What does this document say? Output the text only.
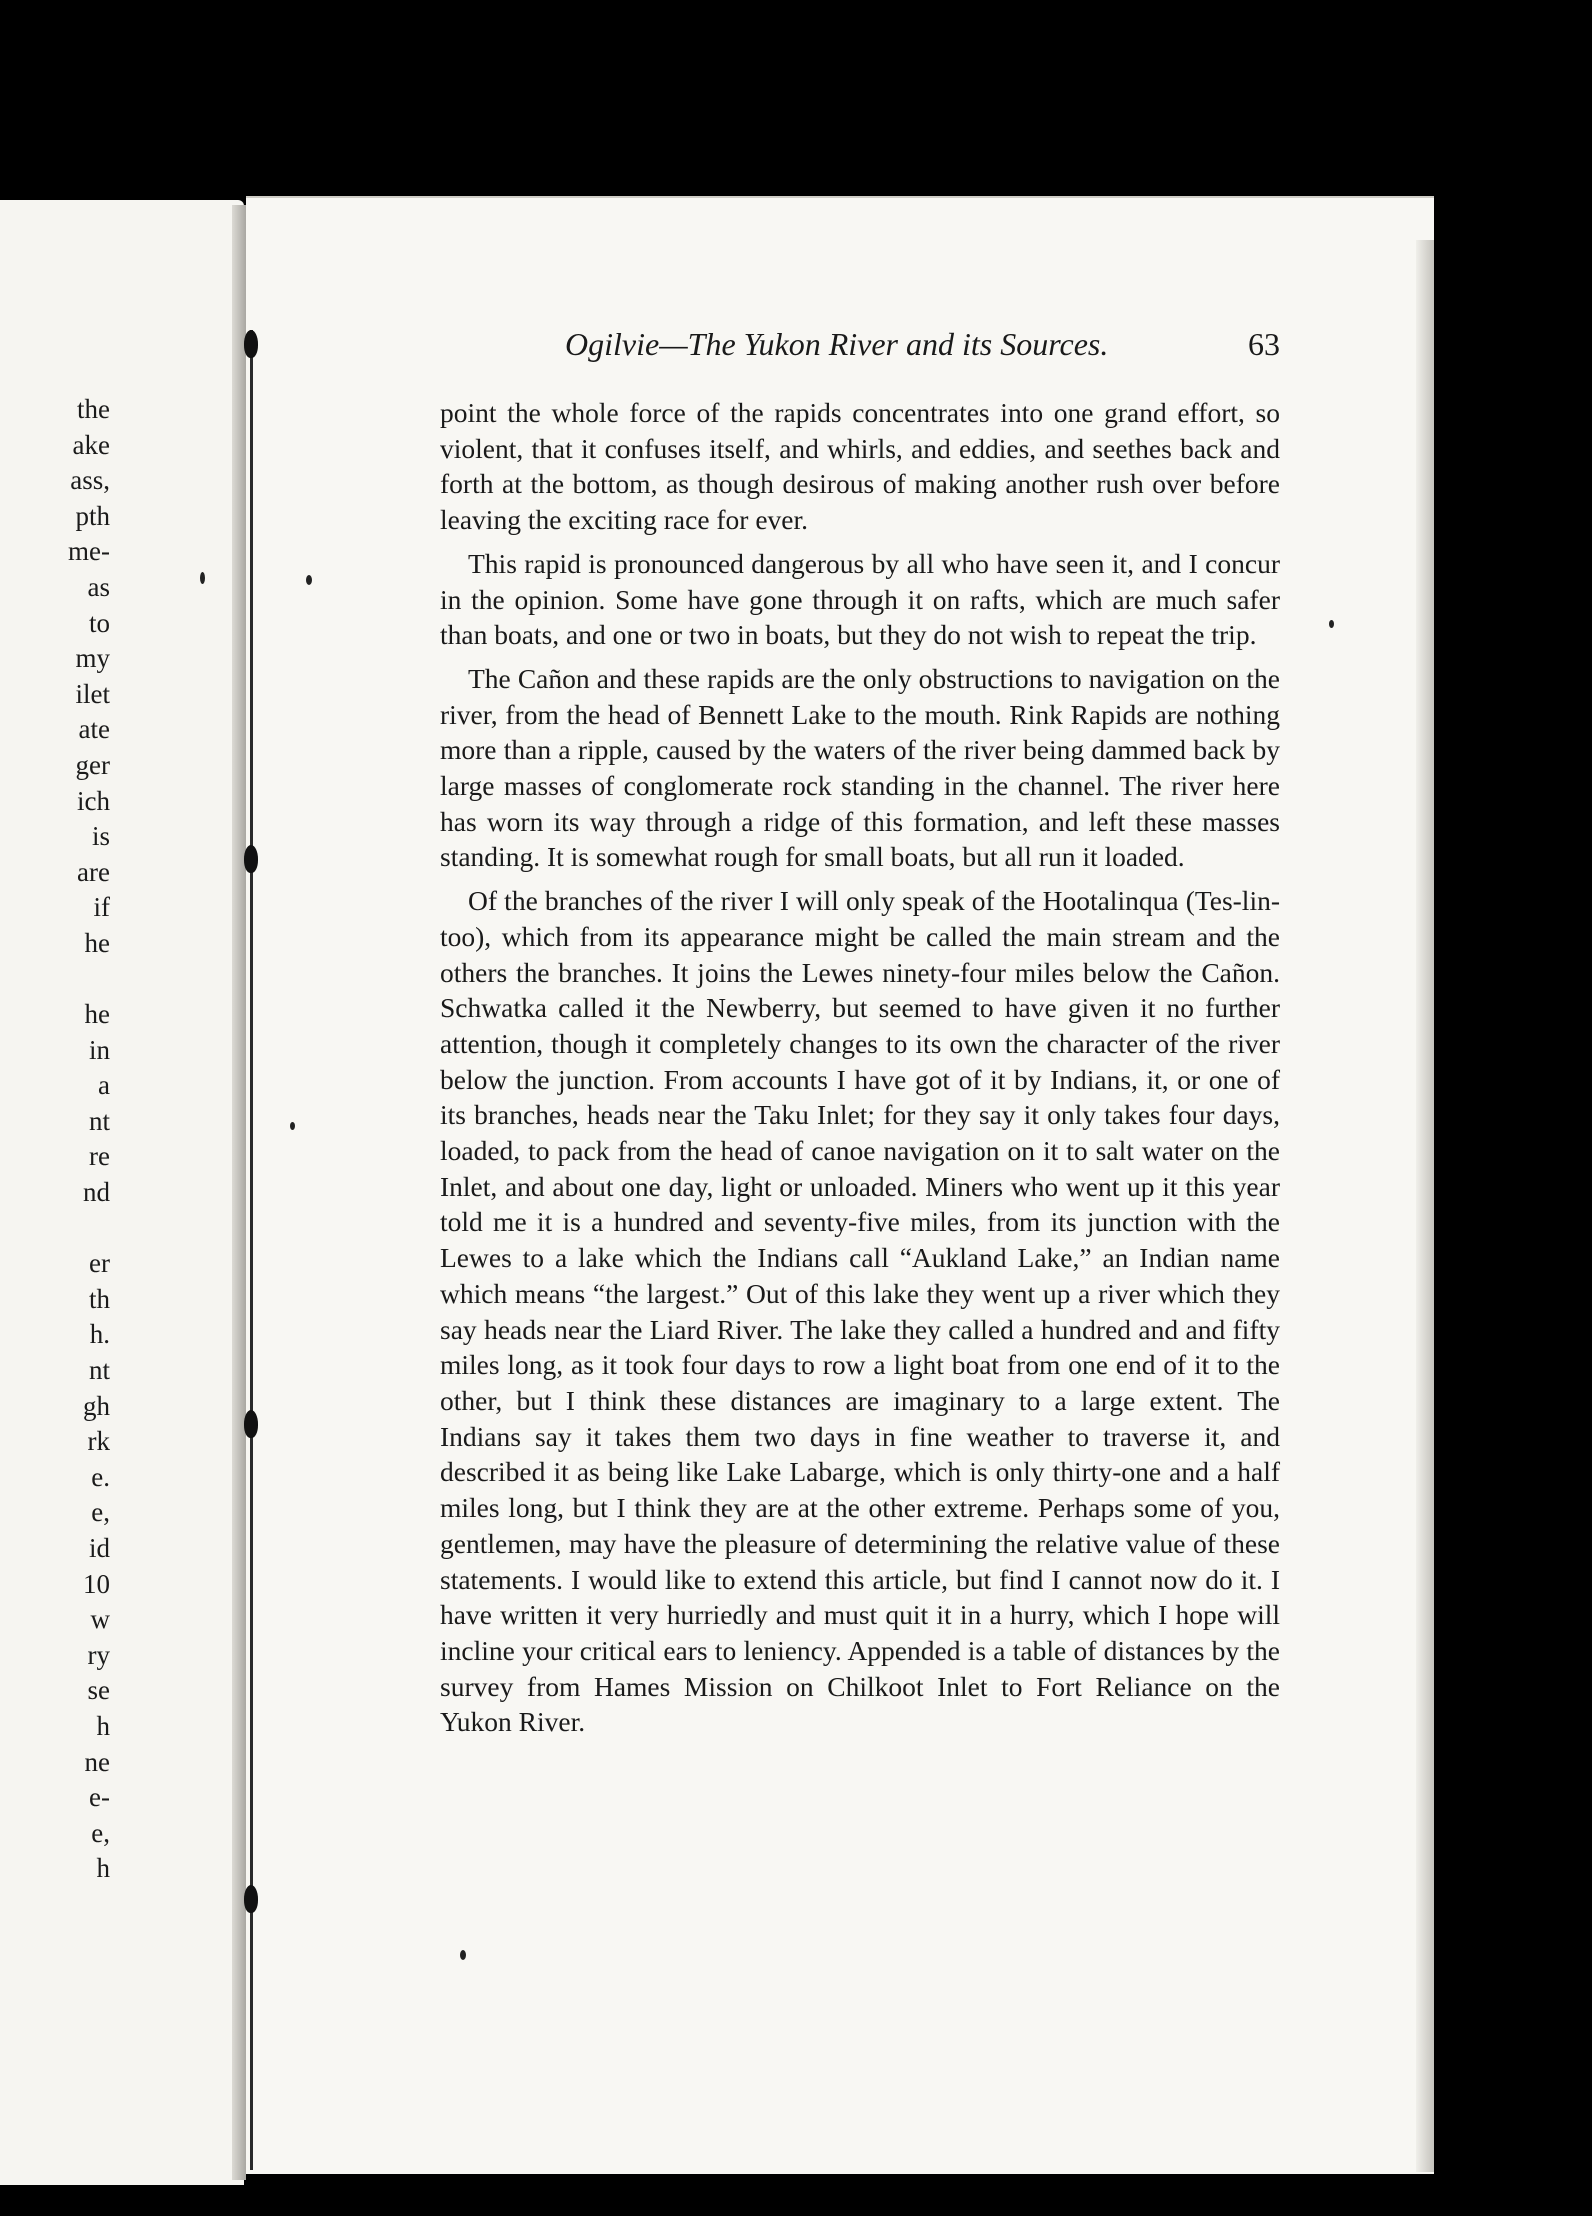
the
ake
ass,
pth
me-
as
to
my
ilet
ate
ger
ich
is
are
if
he
he
in
a
nt
re
nd
er
th
h.
nt
gh
rk
e.
e,
id
10
w
ry
se
h
ne
e-
e,
h
Ogilvie—The Yukon River and its Sources.	63

point the whole force of the rapids concentrates into one grand effort, so violent, that it confuses itself, and whirls, and eddies, and seethes back and forth at the bottom, as though desirous of making another rush over before leaving the exciting race for ever.

This rapid is pronounced dangerous by all who have seen it, and I concur in the opinion. Some have gone through it on rafts, which are much safer than boats, and one or two in boats, but they do not wish to repeat the trip.

The Cañon and these rapids are the only obstructions to navigation on the river, from the head of Bennett Lake to the mouth. Rink Rapids are nothing more than a ripple, caused by the waters of the river being dammed back by large masses of conglomerate rock standing in the channel. The river here has worn its way through a ridge of this formation, and left these masses standing. It is somewhat rough for small boats, but all run it loaded.

Of the branches of the river I will only speak of the Hootalinqua (Tes-lin-too), which from its appearance might be called the main stream and the others the branches. It joins the Lewes ninety-four miles below the Cañon. Schwatka called it the Newberry, but seemed to have given it no further attention, though it completely changes to its own the character of the river below the junction. From accounts I have got of it by Indians, it, or one of its branches, heads near the Taku Inlet; for they say it only takes four days, loaded, to pack from the head of canoe navigation on it to salt water on the Inlet, and about one day, light or unloaded. Miners who went up it this year told me it is a hundred and seventy-five miles, from its junction with the Lewes to a lake which the Indians call “Aukland Lake,” an Indian name which means “the largest.” Out of this lake they went up a river which they say heads near the Liard River. The lake they called a hundred and and fifty miles long, as it took four days to row a light boat from one end of it to the other, but I think these distances are imaginary to a large extent. The Indians say it takes them two days in fine weather to traverse it, and described it as being like Lake Labarge, which is only thirty-one and a half miles long, but I think they are at the other extreme. Perhaps some of you, gentlemen, may have the pleasure of determining the relative value of these statements. I would like to extend this article, but find I cannot now do it. I have written it very hurriedly and must quit it in a hurry, which I hope will incline your critical ears to leniency. Appended is a table of distances by the survey from Hames Mission on Chilkoot Inlet to Fort Reliance on the Yukon River.
